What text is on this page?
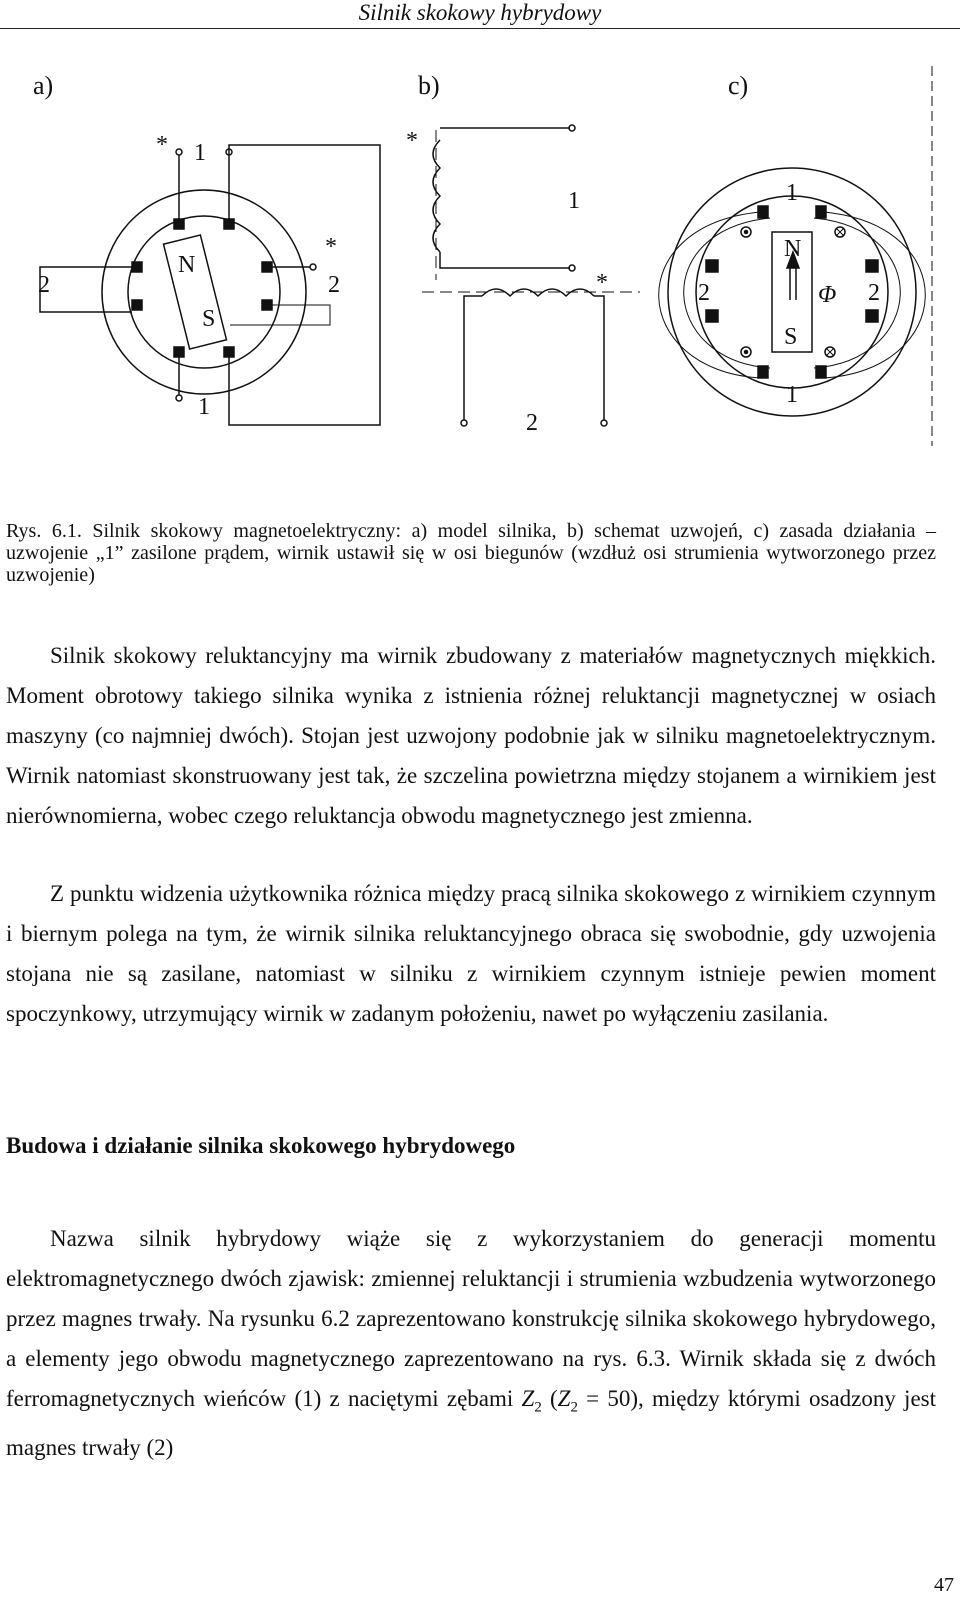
Silnik skokowy hybrydowy
a)
* 1
*
2
2
1
N
S
b)
*
1
*
2
c)
1
1
2	2
N
S
Φ
Rys. 6.1. Silnik skokowy magnetoelektryczny: a) model silnika, b) schemat uzwojeń, c) zasada działania – uzwojenie „1” zasilone prądem, wirnik ustawił się w osi biegunów (wzdłuż osi strumienia wytworzonego przez uzwojenie)

Silnik skokowy reluktancyjny ma wirnik zbudowany z materiałów magnetycznych miękkich. Moment obrotowy takiego silnika wynika z istnienia różnej reluktancji magnetycznej w osiach maszyny (co najmniej dwóch). Stojan jest uzwojony podobnie jak w silniku magnetoelektrycznym. Wirnik natomiast skonstruowany jest tak, że szczelina powietrzna między stojanem a wirnikiem jest nierównomierna, wobec czego reluktancja obwodu magnetycznego jest zmienna.

Z punktu widzenia użytkownika różnica między pracą silnika skokowego z wirnikiem czynnym i biernym polega na tym, że wirnik silnika reluktancyjnego obraca się swobodnie, gdy uzwojenia stojana nie są zasilane, natomiast w silniku z wirnikiem czynnym istnieje pewien moment spoczynkowy, utrzymujący wirnik w zadanym położeniu, nawet po wyłączeniu zasilania.

Budowa i działanie silnika skokowego hybrydowego

Nazwa silnik hybrydowy wiąże się z wykorzystaniem do generacji momentu elektromagnetycznego dwóch zjawisk: zmiennej reluktancji i strumienia wzbudzenia wytworzonego przez magnes trwały. Na rysunku 6.2 zaprezentowano konstrukcję silnika skokowego hybrydowego, a elementy jego obwodu magnetycznego zaprezentowano na rys. 6.3. Wirnik składa się z dwóch ferromagnetycznych wieńców (1) z naciętymi zębami $Z_2$ $(Z_2 = 50)$, między którymi osadzony jest magnes trwały (2)

47
